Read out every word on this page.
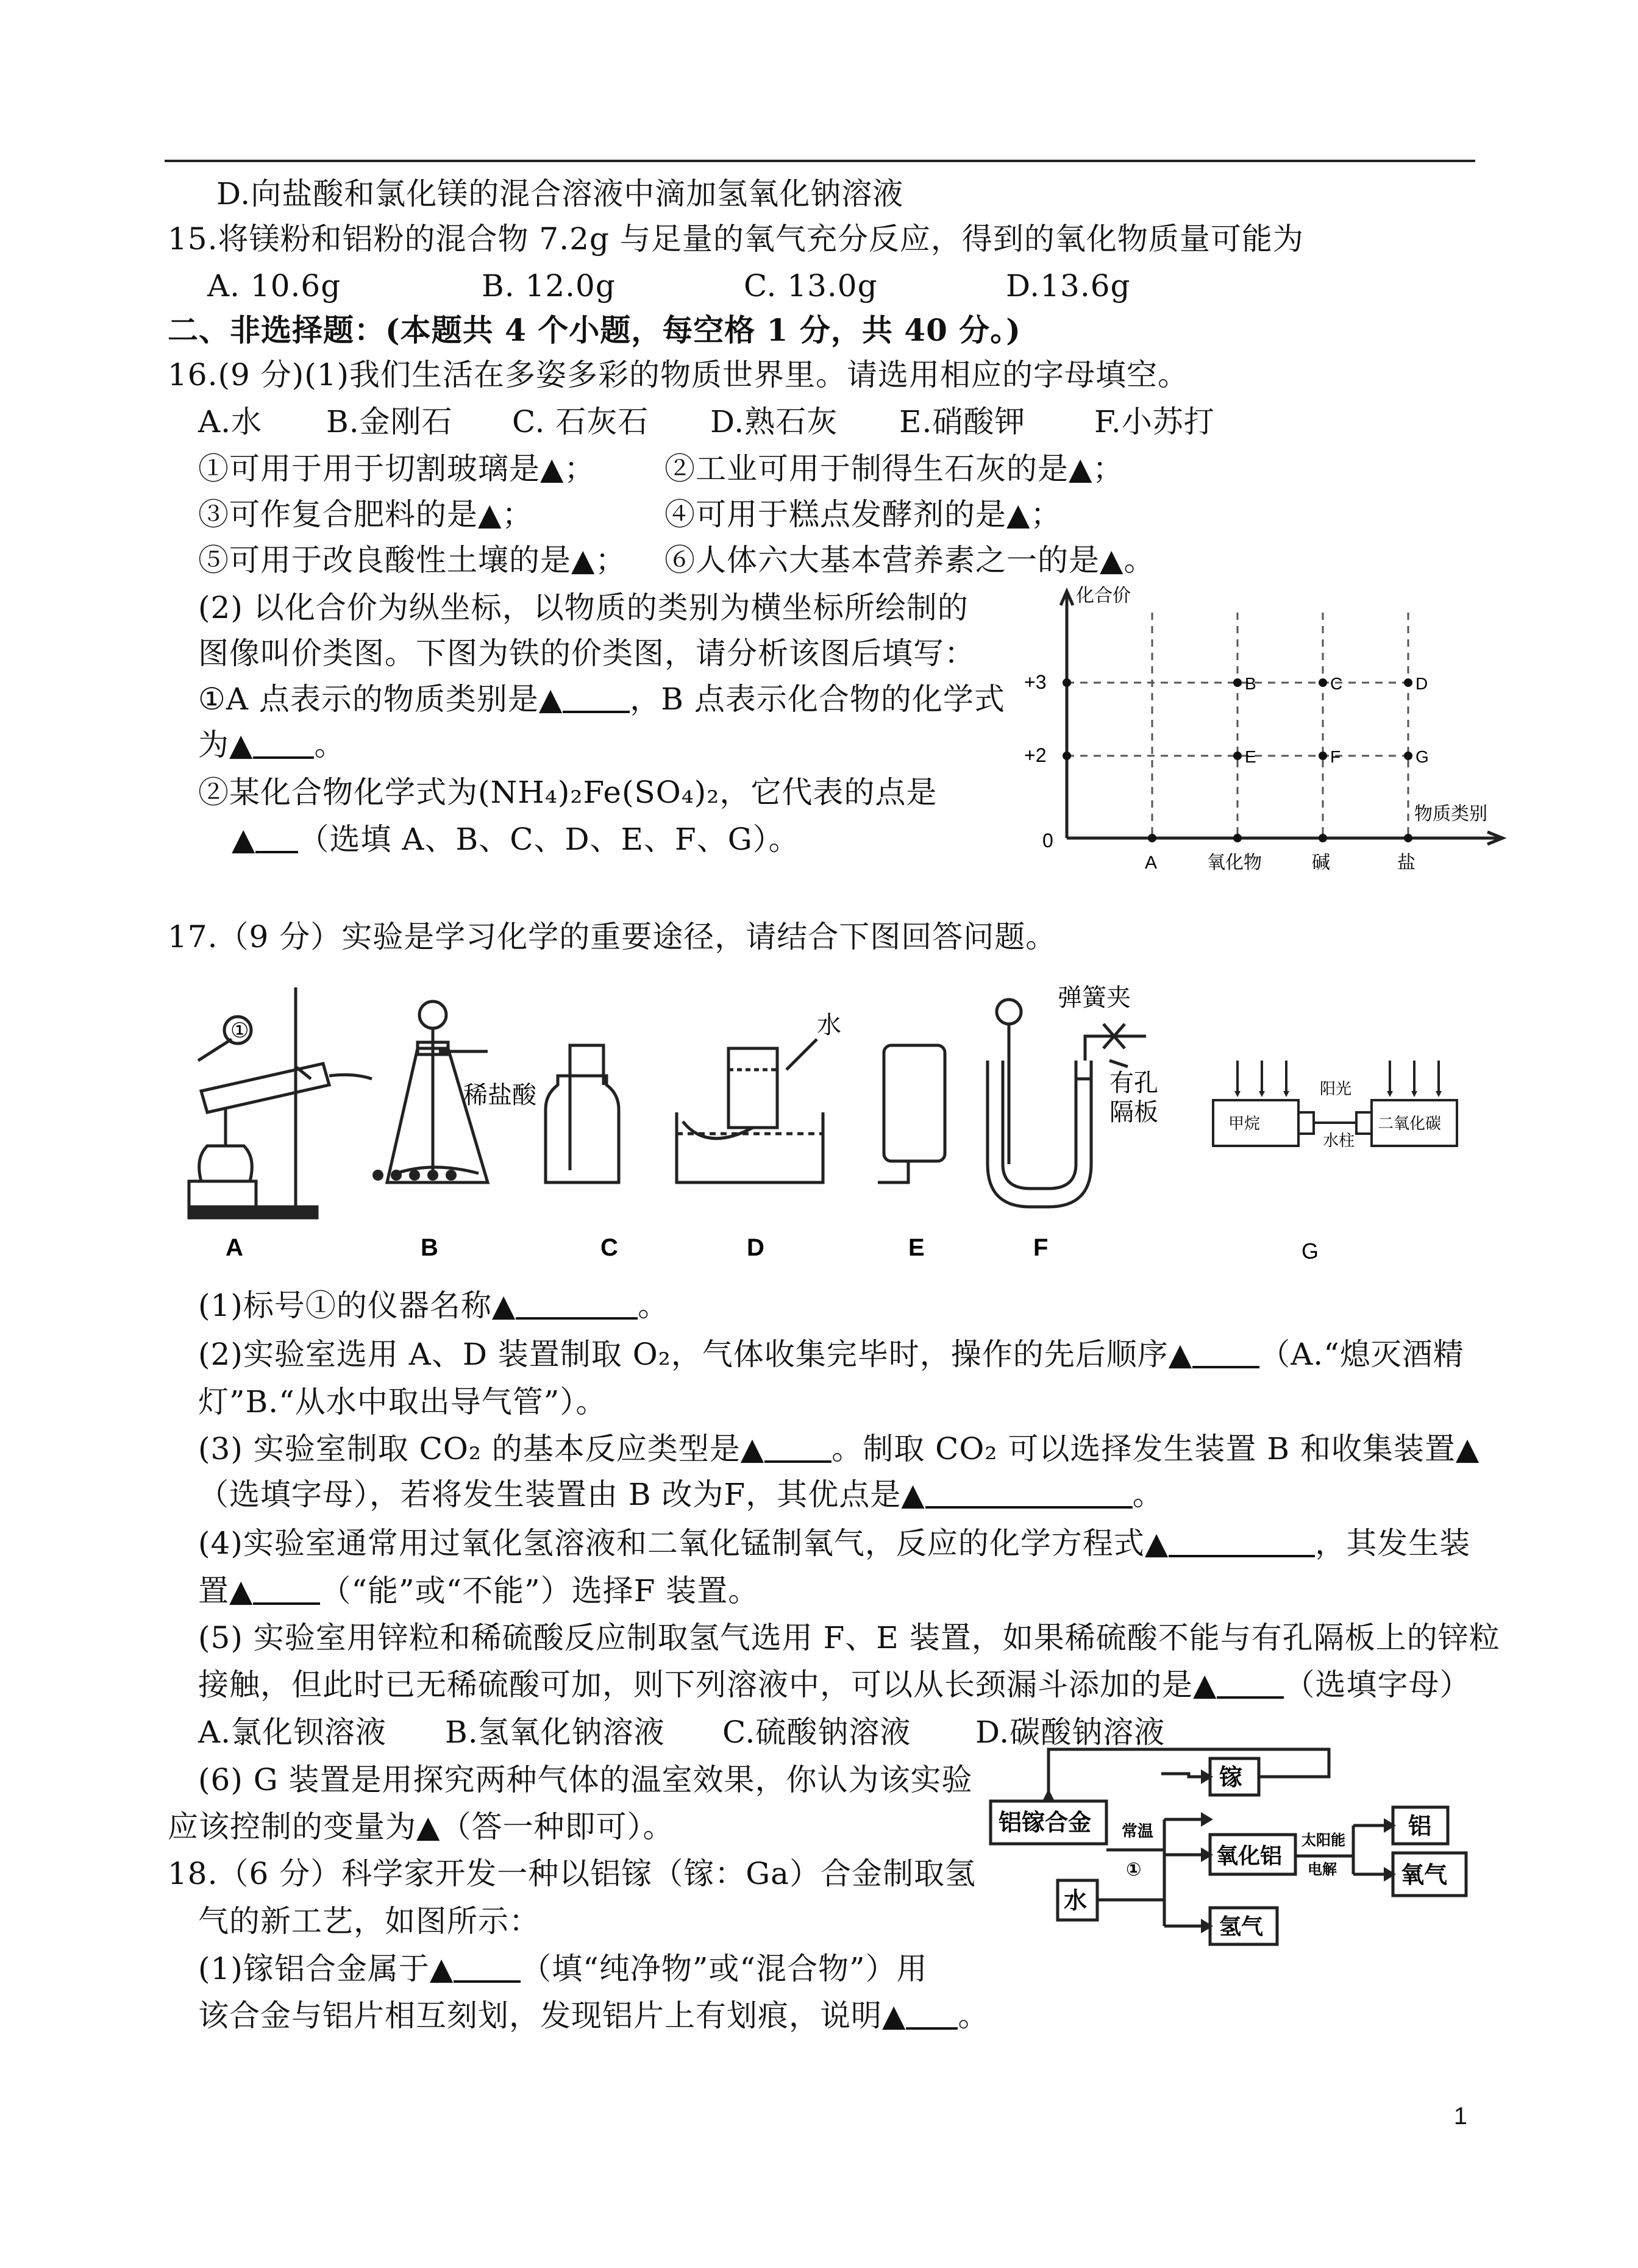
D.向盐酸和氯化镁的混合溶液中滴加氢氧化钠溶液
15.将镁粉和铝粉的混合物 7.2g 与足量的氧气充分反应，得到的氧化物质量可能为
A. 10.6g	B. 12.0g	C. 13.0g	D.13.6g
二、非选择题：(本题共 4 个小题，每空格 1 分，共 40 分。)
16.(9 分)(1)我们生活在多姿多彩的物质世界里。请选用相应的字母填空。
A.水 B.金刚石 C. 石灰石 D.熟石灰 E.硝酸钾 F.小苏打
①可用于用于切割玻璃是▲； ②工业可用于制得生石灰的是▲；
③可作复合肥料的是▲；	④可用于糕点发酵剂的是▲；
⑤可用于改良酸性土壤的是▲； ⑥人体六大基本营养素之一的是▲。
(2) 以化合价为纵坐标，以物质的类别为横坐标所绘制的
图像叫价类图。下图为铁的价类图，请分析该图后填写：
①A 点表示的物质类别是▲ ，B 点表示化合物的化学式
为▲ 。
②某化合物化学式为(NH₄)₂Fe(SO₄)₂，它代表的点是
▲ （选填 A、B、C、D、E、F、G）。
化合价
+3
+2
0
物质类别
B	C	D
E	F	G
A	氧化物	碱	盐
17.（9 分）实验是学习化学的重要途径，请结合下图回答问题。
①
稀盐酸
水
弹簧夹
有孔
隔板
阳光
甲烷	二氧化碳
水柱
A	B	C	D	E	F	G
(1)标号①的仪器名称▲	。
(2)实验室选用 A、D 装置制取 O₂，气体收集完毕时，操作的先后顺序▲ （A.“熄灭酒精
灯”B.“从水中取出导气管”）。
(3) 实验室制取 CO₂ 的基本反应类型是▲ 。制取 CO₂ 可以选择发生装置 B 和收集装置▲
（选填字母），若将发生装置由 B 改为F，其优点是▲	。
(4)实验室通常用过氧化氢溶液和二氧化锰制氧气，反应的化学方程式▲	，其发生装
置▲ （“能”或“不能”）选择F 装置。
(5) 实验室用锌粒和稀硫酸反应制取氢气选用 F、E 装置，如果稀硫酸不能与有孔隔板上的锌粒
接触，但此时已无稀硫酸可加，则下列溶液中，可以从长颈漏斗添加的是▲ （选填字母）
A.氯化钡溶液 B.氢氧化钠溶液 C.硫酸钠溶液 D.碳酸钠溶液
(6) G 装置是用探究两种气体的温室效果，你认为该实验
应该控制的变量为▲（答一种即可）。
18.（6 分）科学家开发一种以铝镓（镓：Ga）合金制取氢
气的新工艺，如图所示：
(1)镓铝合金属于▲ （填“纯净物”或“混合物”）用
该合金与铝片相互刻划，发现铝片上有划痕，说明▲ 。
铝镓合金
水
镓
氧化铝
氢气
铝
氧气
常温
①
太阳能
电解
1
